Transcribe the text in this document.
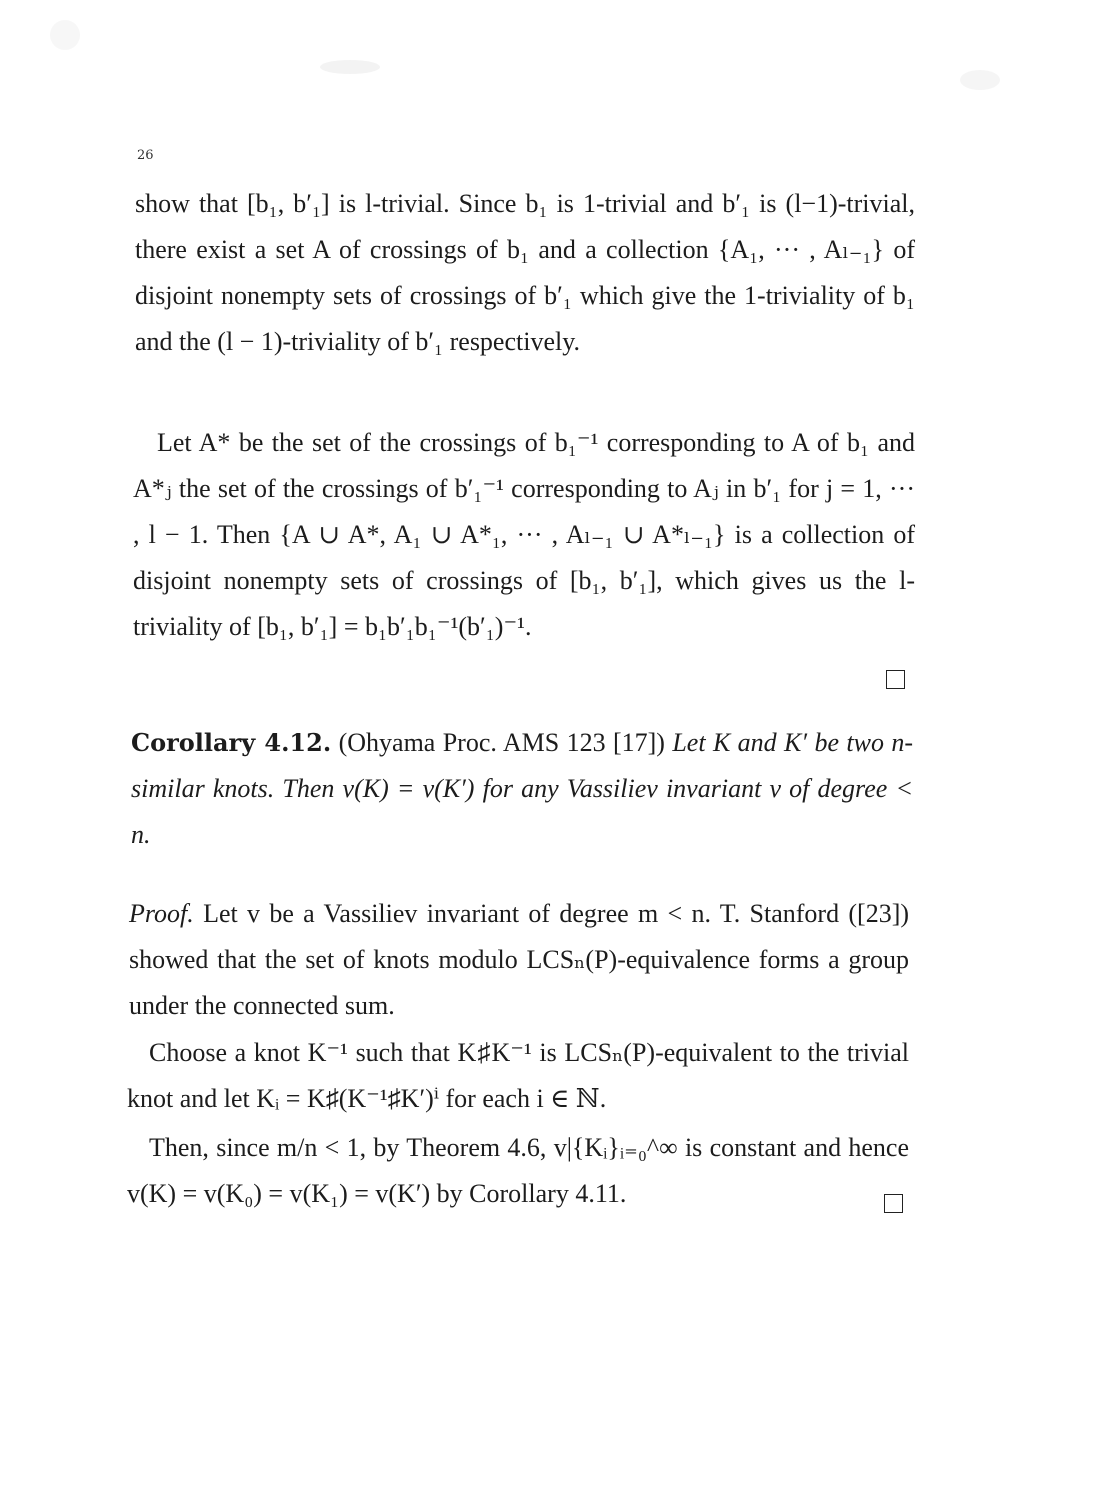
26
show that [b₁, b′₁] is l-trivial. Since b₁ is 1-trivial and b′₁ is (l−1)-trivial, there exist a set A of crossings of b₁ and a collection {A₁, ··· , Aₗ₋₁} of disjoint nonempty sets of crossings of b′₁ which give the 1-triviality of b₁ and the (l − 1)-triviality of b′₁ respectively.
Let A* be the set of the crossings of b₁⁻¹ corresponding to A of b₁ and A*ⱼ the set of the crossings of b′₁⁻¹ corresponding to Aⱼ in b′₁ for j = 1, ··· , l − 1. Then {A ∪ A*, A₁ ∪ A*₁, ··· , Aₗ₋₁ ∪ A*ₗ₋₁} is a collection of disjoint nonempty sets of crossings of [b₁, b′₁], which gives us the l-triviality of [b₁, b′₁] = b₁b′₁b₁⁻¹(b′₁)⁻¹.
Corollary 4.12. (Ohyama Proc. AMS 123 [17]) Let K and K′ be two n-similar knots. Then v(K) = v(K′) for any Vassiliev invariant v of degree < n.
Proof. Let v be a Vassiliev invariant of degree m < n. T. Stanford ([23]) showed that the set of knots modulo LCSₙ(P)-equivalence forms a group under the connected sum.
Choose a knot K⁻¹ such that K♯K⁻¹ is LCSₙ(P)-equivalent to the trivial knot and let Kᵢ = K♯(K⁻¹♯K′)ⁱ for each i ∈ ℕ.
Then, since m/n < 1, by Theorem 4.6, v|{Kᵢ}ᵢ₌₀^∞ is constant and hence v(K) = v(K₀) = v(K₁) = v(K′) by Corollary 4.11.
